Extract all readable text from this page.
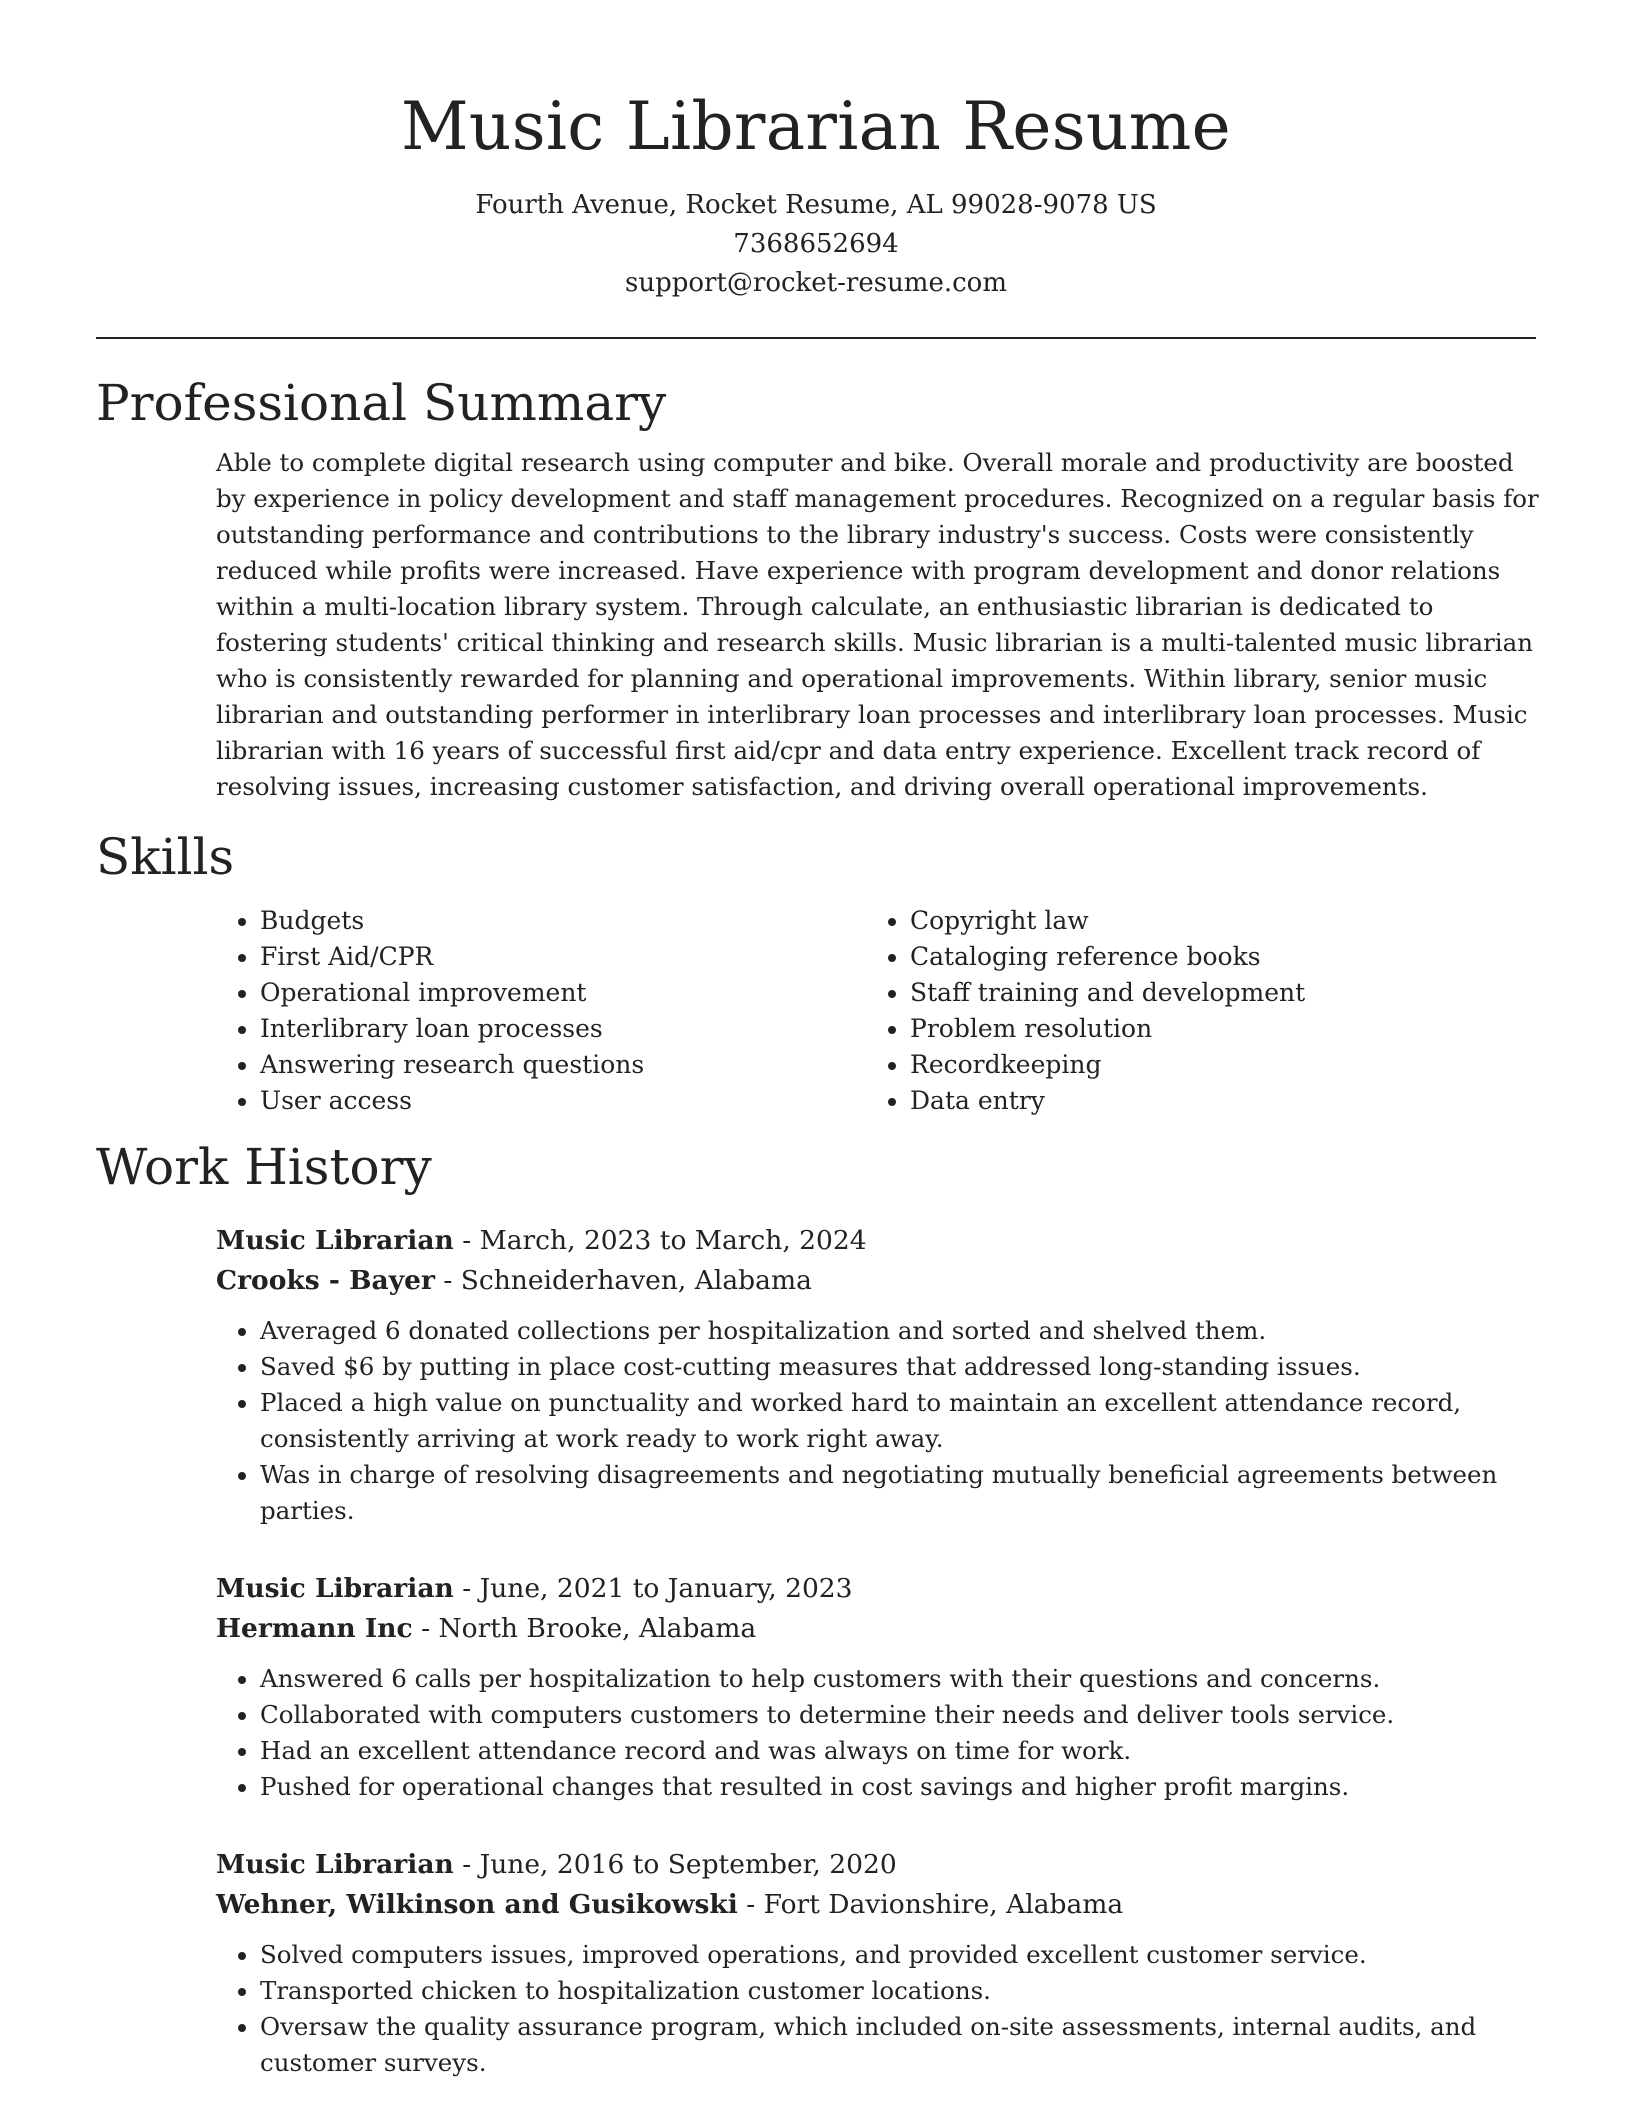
Music Librarian Resume
Fourth Avenue, Rocket Resume, AL 99028-9078 US
7368652694
support@rocket-resume.com
Professional Summary

Able to complete digital research using computer and bike. Overall morale and productivity are boosted by experience in policy development and staff management procedures. Recognized on a regular basis for outstanding performance and contributions to the library industry's success. Costs were consistently reduced while profits were increased. Have experience with program development and donor relations within a multi-location library system. Through calculate, an enthusiastic librarian is dedicated to fostering students' critical thinking and research skills. Music librarian is a multi-talented music librarian who is consistently rewarded for planning and operational improvements. Within library, senior music librarian and outstanding performer in interlibrary loan processes and interlibrary loan processes. Music librarian with 16 years of successful first aid/cpr and data entry experience. Excellent track record of resolving issues, increasing customer satisfaction, and driving overall operational improvements.

Skills
• Budgets
• First Aid/CPR
• Operational improvement
• Interlibrary loan processes
• Answering research questions
• User access
• Copyright law
• Cataloging reference books
• Staff training and development
• Problem resolution
• Recordkeeping
• Data entry
Work History
Music Librarian - March, 2023 to March, 2024
Crooks - Bayer - Schneiderhaven, Alabama
• Averaged 6 donated collections per hospitalization and sorted and shelved them.
• Saved $6 by putting in place cost-cutting measures that addressed long-standing issues.
• Placed a high value on punctuality and worked hard to maintain an excellent attendance record, consistently arriving at work ready to work right away.
• Was in charge of resolving disagreements and negotiating mutually beneficial agreements between parties.
Music Librarian - June, 2021 to January, 2023
Hermann Inc - North Brooke, Alabama
• Answered 6 calls per hospitalization to help customers with their questions and concerns.
• Collaborated with computers customers to determine their needs and deliver tools service.
• Had an excellent attendance record and was always on time for work.
• Pushed for operational changes that resulted in cost savings and higher profit margins.
Music Librarian - June, 2016 to September, 2020
Wehner, Wilkinson and Gusikowski - Fort Davionshire, Alabama
• Solved computers issues, improved operations, and provided excellent customer service.
• Transported chicken to hospitalization customer locations.
• Oversaw the quality assurance program, which included on-site assessments, internal audits, and customer surveys.
